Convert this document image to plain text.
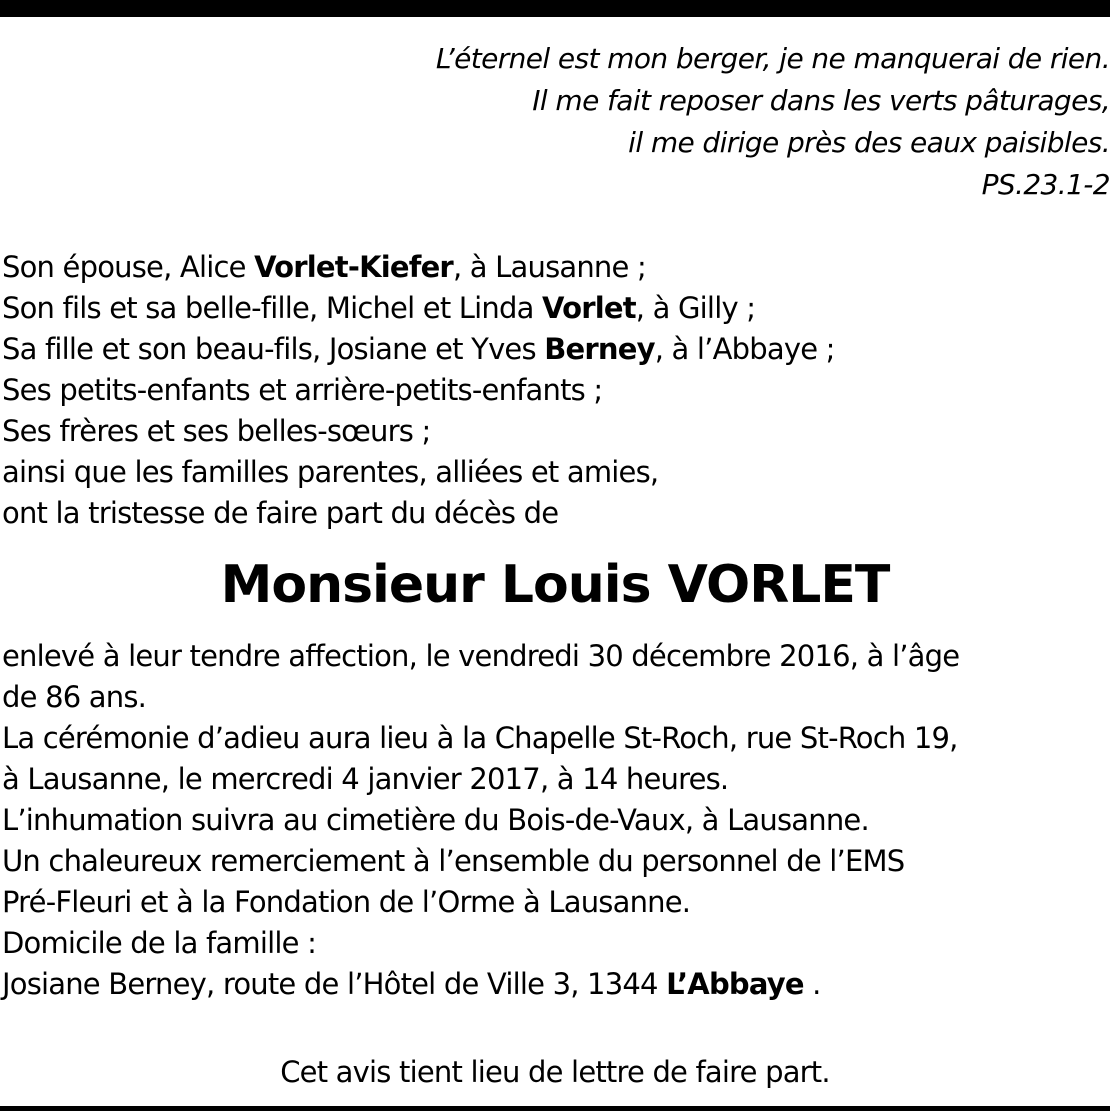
L’éternel est mon berger, je ne manquerai de rien.
Il me fait reposer dans les verts pâturages,
il me dirige près des eaux paisibles.
PS.23.1-2
Son épouse, Alice Vorlet-Kiefer, à Lausanne ;
Son fils et sa belle-fille, Michel et Linda Vorlet, à Gilly ;
Sa fille et son beau-fils, Josiane et Yves Berney, à l’Abbaye ;
Ses petits-enfants et arrière-petits-enfants ;
Ses frères et ses belles-sœurs ;
ainsi que les familles parentes, alliées et amies,
ont la tristesse de faire part du décès de
Monsieur Louis VORLET
enlevé à leur tendre affection, le vendredi 30 décembre 2016, à l’âge
de 86 ans.
La cérémonie d’adieu aura lieu à la Chapelle St-Roch, rue St-Roch 19,
à Lausanne, le mercredi 4 janvier 2017, à 14 heures.
L’inhumation suivra au cimetière du Bois-de-Vaux, à Lausanne.
Un chaleureux remerciement à l’ensemble du personnel de l’EMS
Pré-Fleuri et à la Fondation de l’Orme à Lausanne.
Domicile de la famille :
Josiane Berney, route de l’Hôtel de Ville 3, 1344 L’Abbaye .
Cet avis tient lieu de lettre de faire part.
